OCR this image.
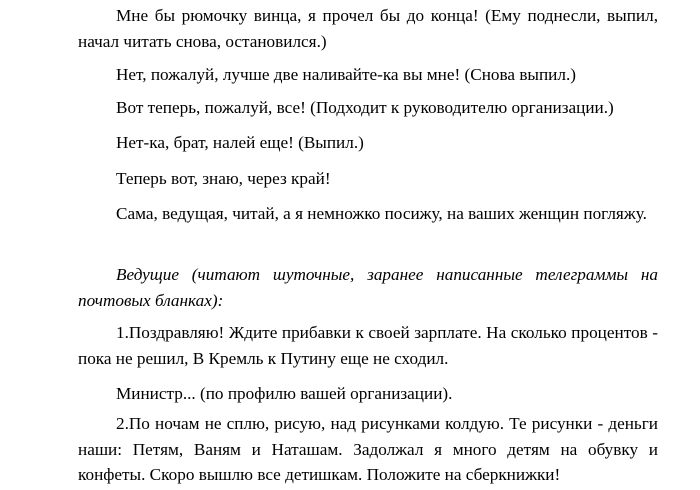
Мне бы рюмочку винца, я прочел бы до конца! (Ему поднесли, выпил, начал читать снова, остановился.)

Нет, пожалуй, лучше две наливайте-ка вы мне! (Снова выпил.)

Вот теперь, пожалуй, все! (Подходит к руководителю организации.)

Нет-ка, брат, налей еще! (Выпил.)

Теперь вот, знаю, через край!

Сама, ведущая, читай, а я немножко посижу, на ваших женщин погляжу.

Ведущие (читают шуточные, заранее написанные телеграммы на почтовых бланках):

1.Поздравляю! Ждите прибавки к своей зарплате. На сколько процентов - пока не решил, В Кремль к Путину еще не сходил.

Министр... (по профилю вашей организации).

2.По ночам не сплю, рисую, над рисунками колдую. Те рисунки - деньги наши: Петям, Ваням и Наташам. Задолжал я много детям на обувку и конфеты. Скоро вышлю все детишкам. Положите на сберкнижки!
